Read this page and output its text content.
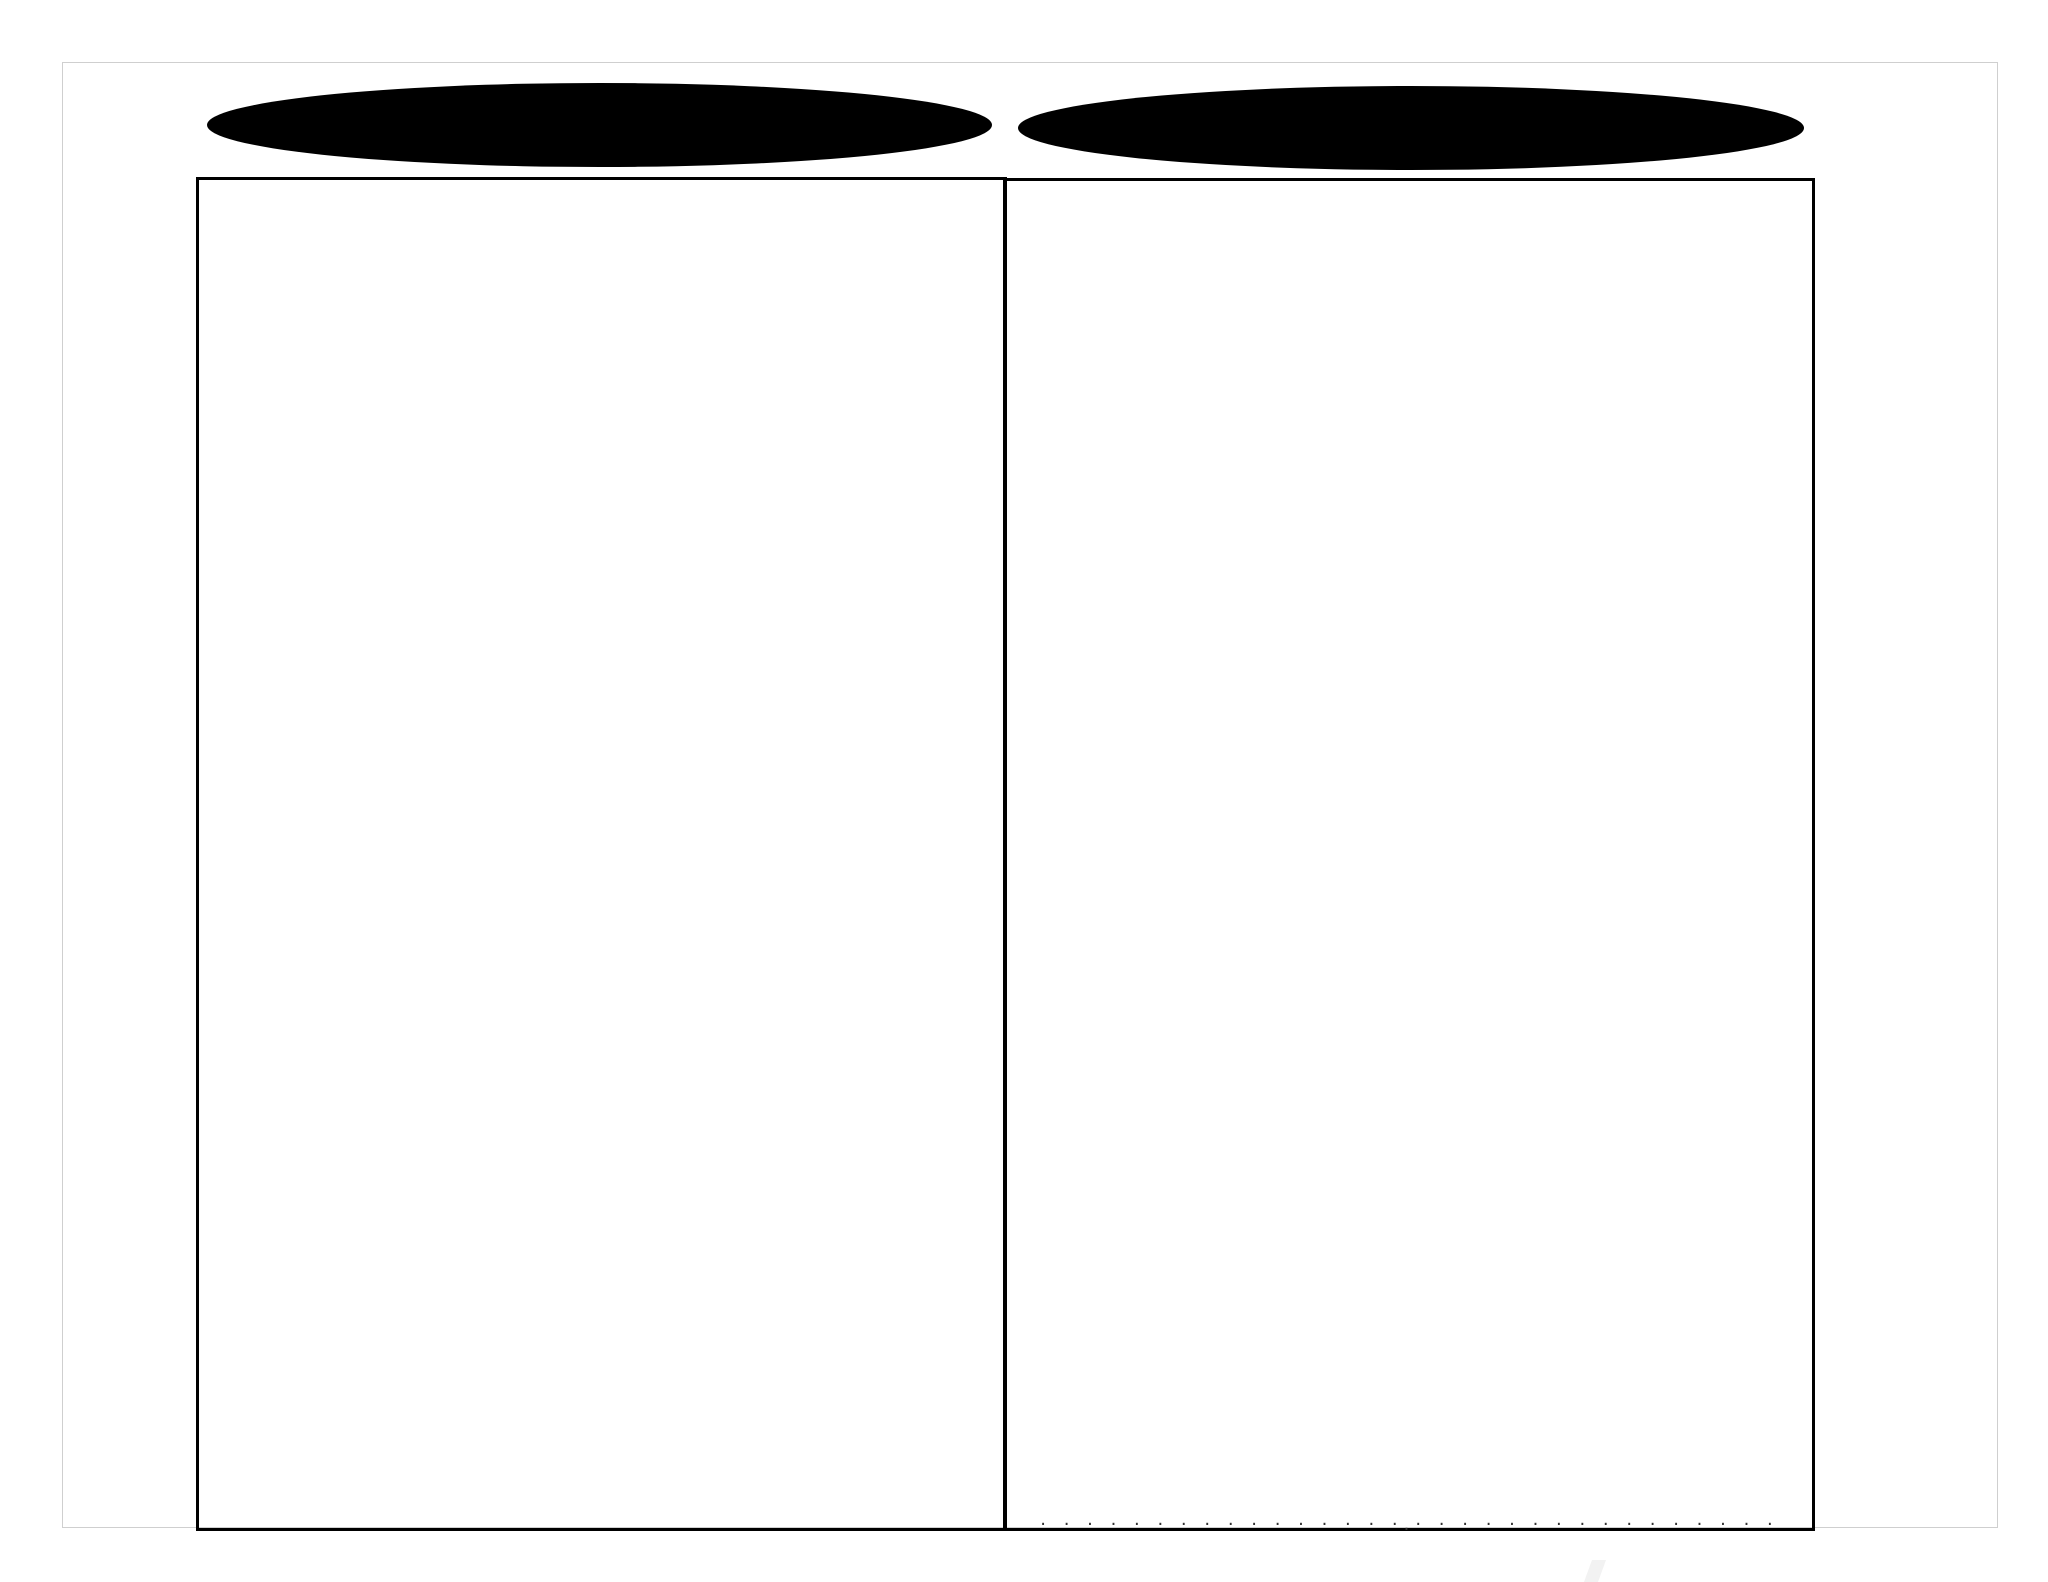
. . . . . . . . . . . . . . . . . . . . . . . . . . . . . . . . .
